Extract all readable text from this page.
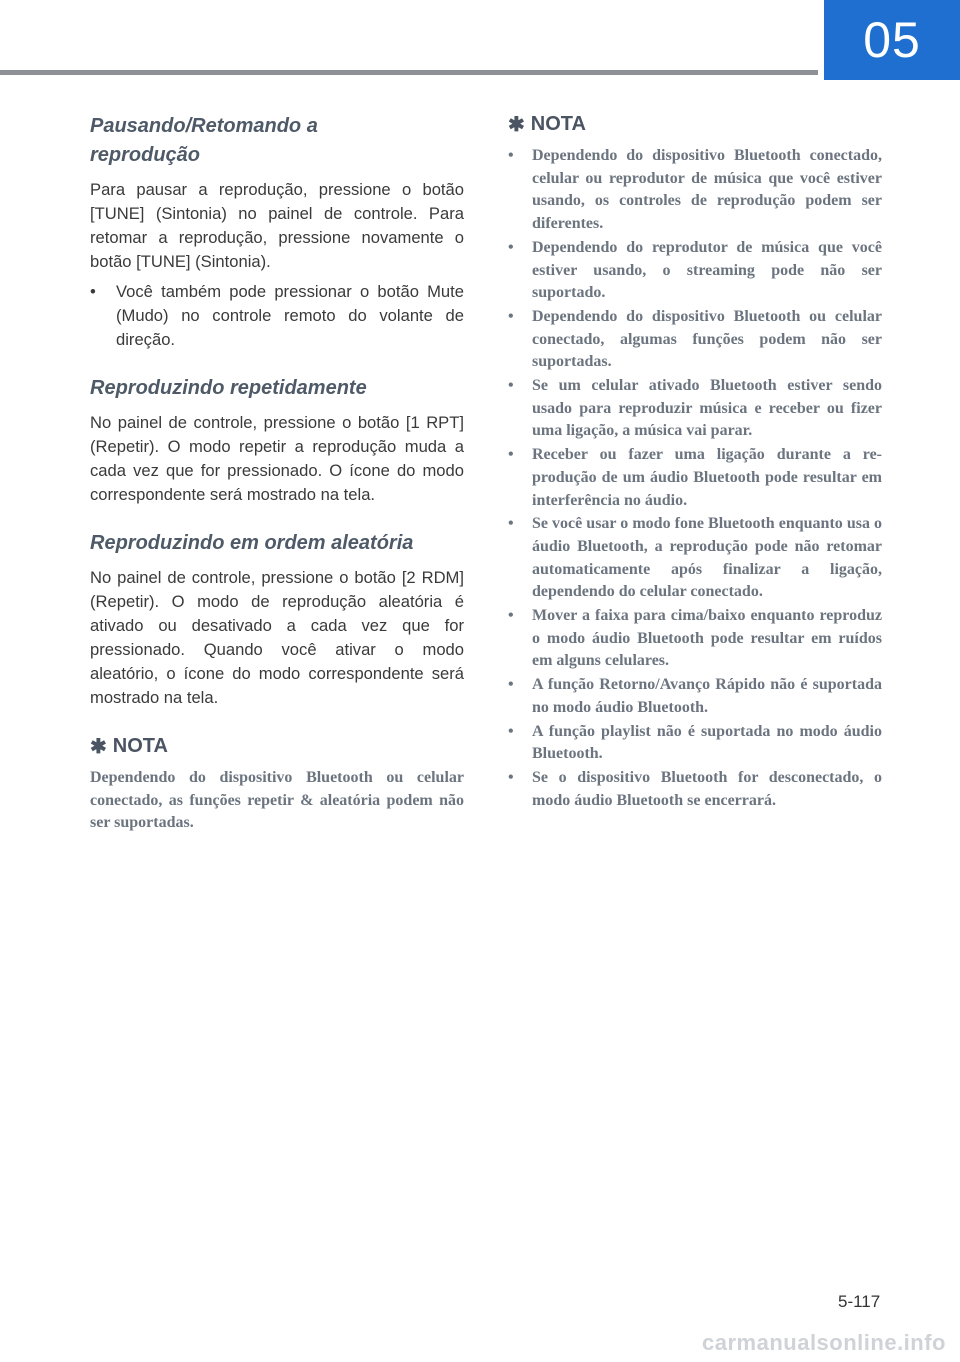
05
Pausando/Retomando a
reprodução

Para pausar a reprodução, pressione o botão [TUNE] (Sintonia) no painel de controle. Para retomar a reprodução, pressione novamente o botão [TUNE] (Sintonia).

• Você também pode pressionar o botão Mute (Mudo) no controle remoto do volante de direção.
Reproduzindo repetidamente

No painel de controle, pressione o botão [1 RPT] (Repetir). O modo repetir a reprodução muda a cada vez que for pressionado. O ícone do modo correspondente será mostrado na tela.

Reproduzindo em ordem aleatória

No painel de controle, pressione o botão [2 RDM] (Repetir). O modo de reprodução aleatória é ativado ou desativado a cada vez que for pressionado. Quando você ativar o modo aleatório, o ícone do modo correspondente será mostrado na tela.

✱ NOTA

Dependendo do dispositivo Bluetooth ou celular conectado, as funções repetir & aleatória podem não ser suportadas.

✱ NOTA
• Dependendo do dispositivo Bluetooth conectado, celular ou reprodutor de música que você estiver usando, os controles de reprodução podem ser diferentes.
• Dependendo do reprodutor de música que você estiver usando, o streaming pode não ser suportado.
• Dependendo do dispositivo Bluetooth ou celular conectado, algumas funções podem não ser suportadas.
• Se um celular ativado Bluetooth estiver sendo usado para reproduzir música e receber ou fizer uma ligação, a música vai parar.
• Receber ou fazer uma ligação durante a reprodução de um áudio Bluetooth pode resultar em interferência no áudio.
• Se você usar o modo fone Bluetooth enquanto usa o áudio Bluetooth, a reprodução pode não retomar automaticamente após finalizar a ligação, dependendo do celular conectado.
• Mover a faixa para cima/baixo enquanto reproduz o modo áudio Bluetooth pode resultar em ruídos em alguns celulares.
• A função Retorno/Avanço Rápido não é suportada no modo áudio Bluetooth.
• A função playlist não é suportada no modo áudio Bluetooth.
• Se o dispositivo Bluetooth for desconectado, o modo áudio Bluetooth se encerrará.
5-117
carmanualsonline.info
